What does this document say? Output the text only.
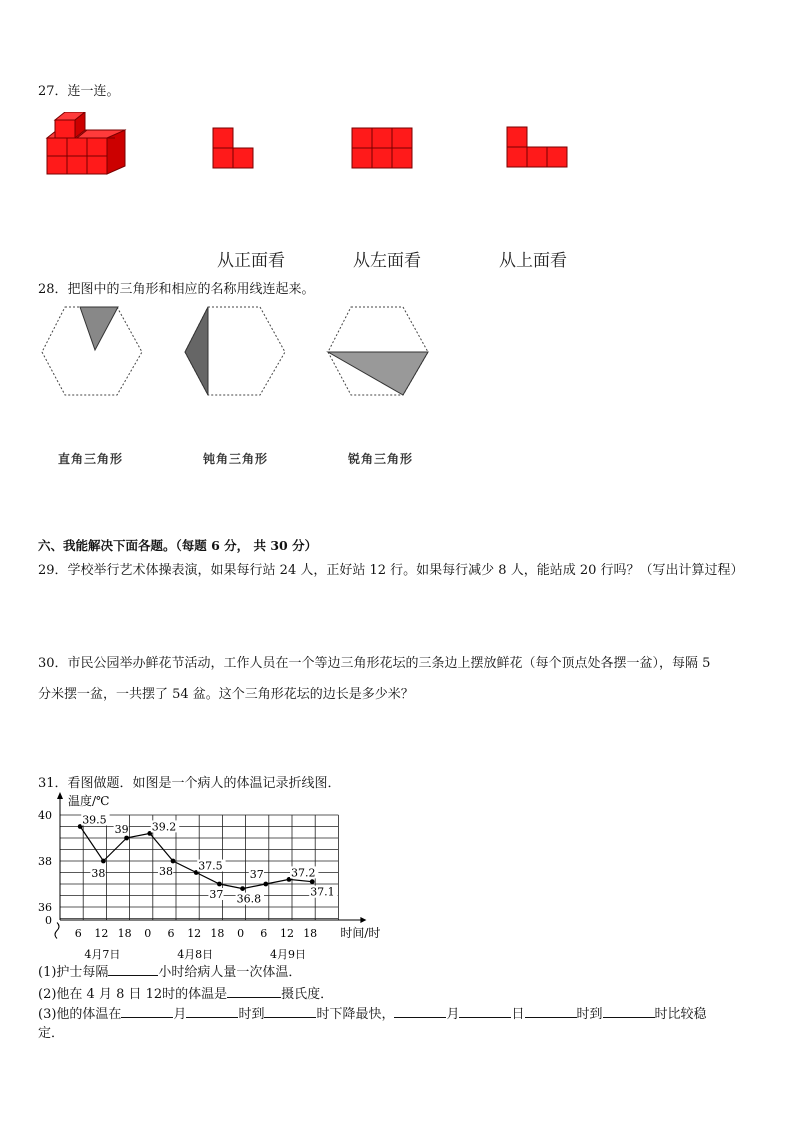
27．连一连。
从正面看	从左面看	从上面看
28．把图中的三角形和相应的名称用线连起来。
直角三角形	钝角三角形	锐角三角形
六、我能解决下面各题。（每题 6 分， 共 30 分）
29．学校举行艺术体操表演，如果每行站 24 人，正好站 12 行。如果每行减少 8 人，能站成 20 行吗？（写出计算过程）
30．市民公园举办鲜花节活动，工作人员在一个等边三角形花坛的三条边上摆放鲜花（每个顶点处各摆一盆），每隔 5
分米摆一盆，一共摆了 54 盆。这个三角形花坛的边长是多少米？
31．看图做题．如图是一个病人的体温记录折线图．
温度/℃
时间/时
40
38
36
0
6 12 18 0 6 12 18 0 6 12 18
4月7日	4月8日	4月9日
39.5
38
39 39.2
38 37.5
37 36.8
37 37.2
37.1
(1)护士每隔	小时给病人量一次体温．
(2)他在 4 月 8 日 12时的体温是	摄氏度．
(3)他的体温在	月	时到	时下降最快，	月	日	时到	时比较稳
定．
